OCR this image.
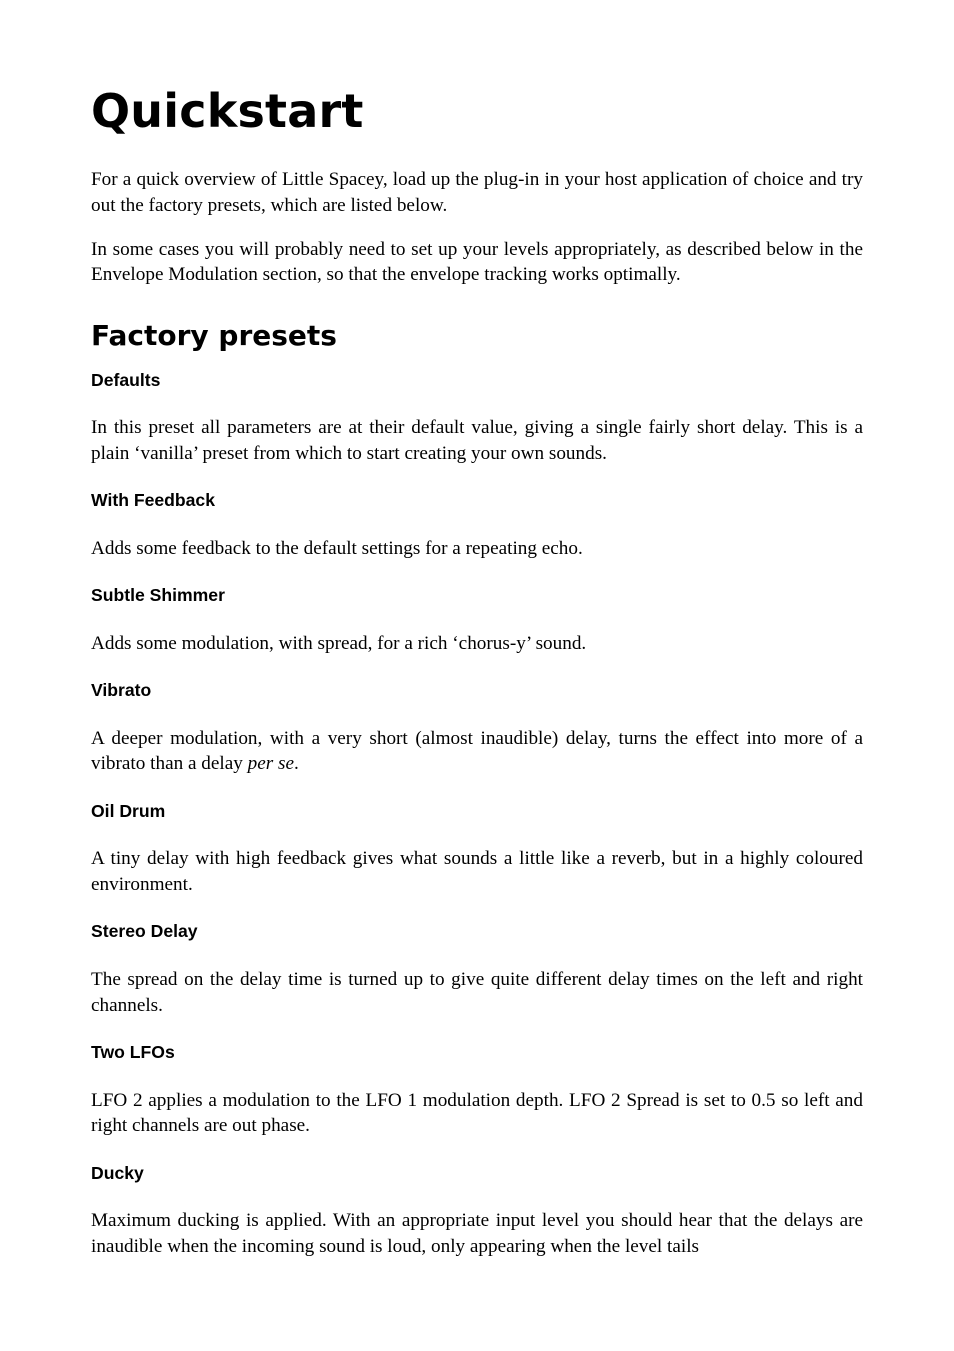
Quickstart

For a quick overview of Little Spacey, load up the plug-in in your host application of choice and try out the factory presets, which are listed below.

In some cases you will probably need to set up your levels appropriately, as described below in the Envelope Modulation section, so that the envelope tracking works optimally.

Factory presets
Defaults

In this preset all parameters are at their default value, giving a single fairly short delay. This is a plain ‘vanilla’ preset from which to start creating your own sounds.

With Feedback

Adds some feedback to the default settings for a repeating echo.

Subtle Shimmer

Adds some modulation, with spread, for a rich ‘chorus-y’ sound.

Vibrato

A deeper modulation, with a very short (almost inaudible) delay, turns the effect into more of a vibrato than a delay per se.

Oil Drum

A tiny delay with high feedback gives what sounds a little like a reverb, but in a highly coloured environment.

Stereo Delay

The spread on the delay time is turned up to give quite different delay times on the left and right channels.

Two LFOs

LFO 2 applies a modulation to the LFO 1 modulation depth. LFO 2 Spread is set to 0.5 so left and right channels are out phase.

Ducky

Maximum ducking is applied. With an appropriate input level you should hear that the delays are inaudible when the incoming sound is loud, only appearing when the level tails
